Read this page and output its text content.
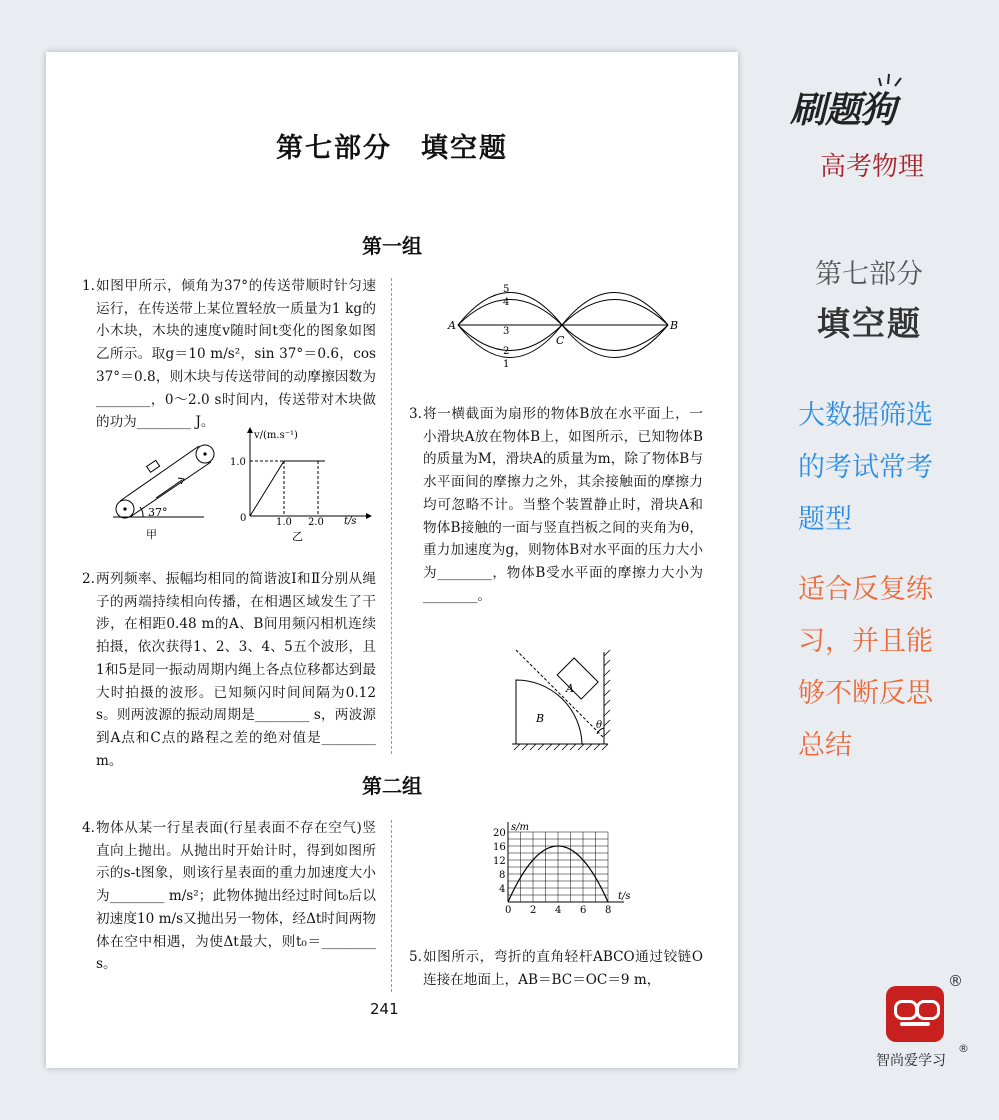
第七部分　填空题
第一组
1. 如图甲所示，倾角为37°的传送带顺时针匀速运行，在传送带上某位置轻放一质量为1 kg的小木块，木块的速度v随时间t变化的图象如图乙所示。取g＝10 m/s²，sin 37°＝0.6，cos 37°＝0.8，则木块与传送带间的动摩擦因数为________，0～2.0 s时间内，传送带对木块做的功为________ J。
37°
甲
v/(m.s⁻¹)
1.0
0	1.0 2.0 t/s
乙
2. 两列频率、振幅均相同的简谐波Ⅰ和Ⅱ分别从绳子的两端持续相向传播，在相遇区域发生了干涉，在相距0.48 m的A、B间用频闪相机连续拍摄，依次获得1、2、3、4、5五个波形，且1和5是同一振动周期内绳上各点位移都达到最大时拍摄的波形。已知频闪时间间隔为0.12 s。则两波源的振动周期是________ s，两波源到A点和C点的路程之差的绝对值是________ m。
5
4
3
2
1
A	B
C
3. 将一横截面为扇形的物体B放在水平面上，一小滑块A放在物体B上，如图所示，已知物体B的质量为M，滑块A的质量为m，除了物体B与水平面间的摩擦力之外，其余接触面的摩擦力均可忽略不计。当整个装置静止时，滑块A和物体B接触的一面与竖直挡板之间的夹角为θ，重力加速度为g，则物体B对水平面的压力大小为________，物体B受水平面的摩擦力大小为________。
A
B
θ
第二组
4. 物体从某一行星表面(行星表面不存在空气)竖直向上抛出。从抛出时开始计时，得到如图所示的s-t图象，则该行星表面的重力加速度大小为________ m/s²；此物体抛出经过时间t₀后以初速度10 m/s又抛出另一物体，经Δt时间两物体在空中相遇，为使Δt最大，则t₀＝________ s。
s/m
t/s
0 2 4 6 8
20
16
12
8
4
5. 如图所示，弯折的直角轻杆ABCO通过铰链O连接在地面上，AB＝BC＝OC＝9 m，
241
刷题狗
高考物理
第七部分
填空题
大数据筛选
的考试常考
题型
适合反复练
习，并且能
够不断反思
总结
®
智尚爱学习
®
